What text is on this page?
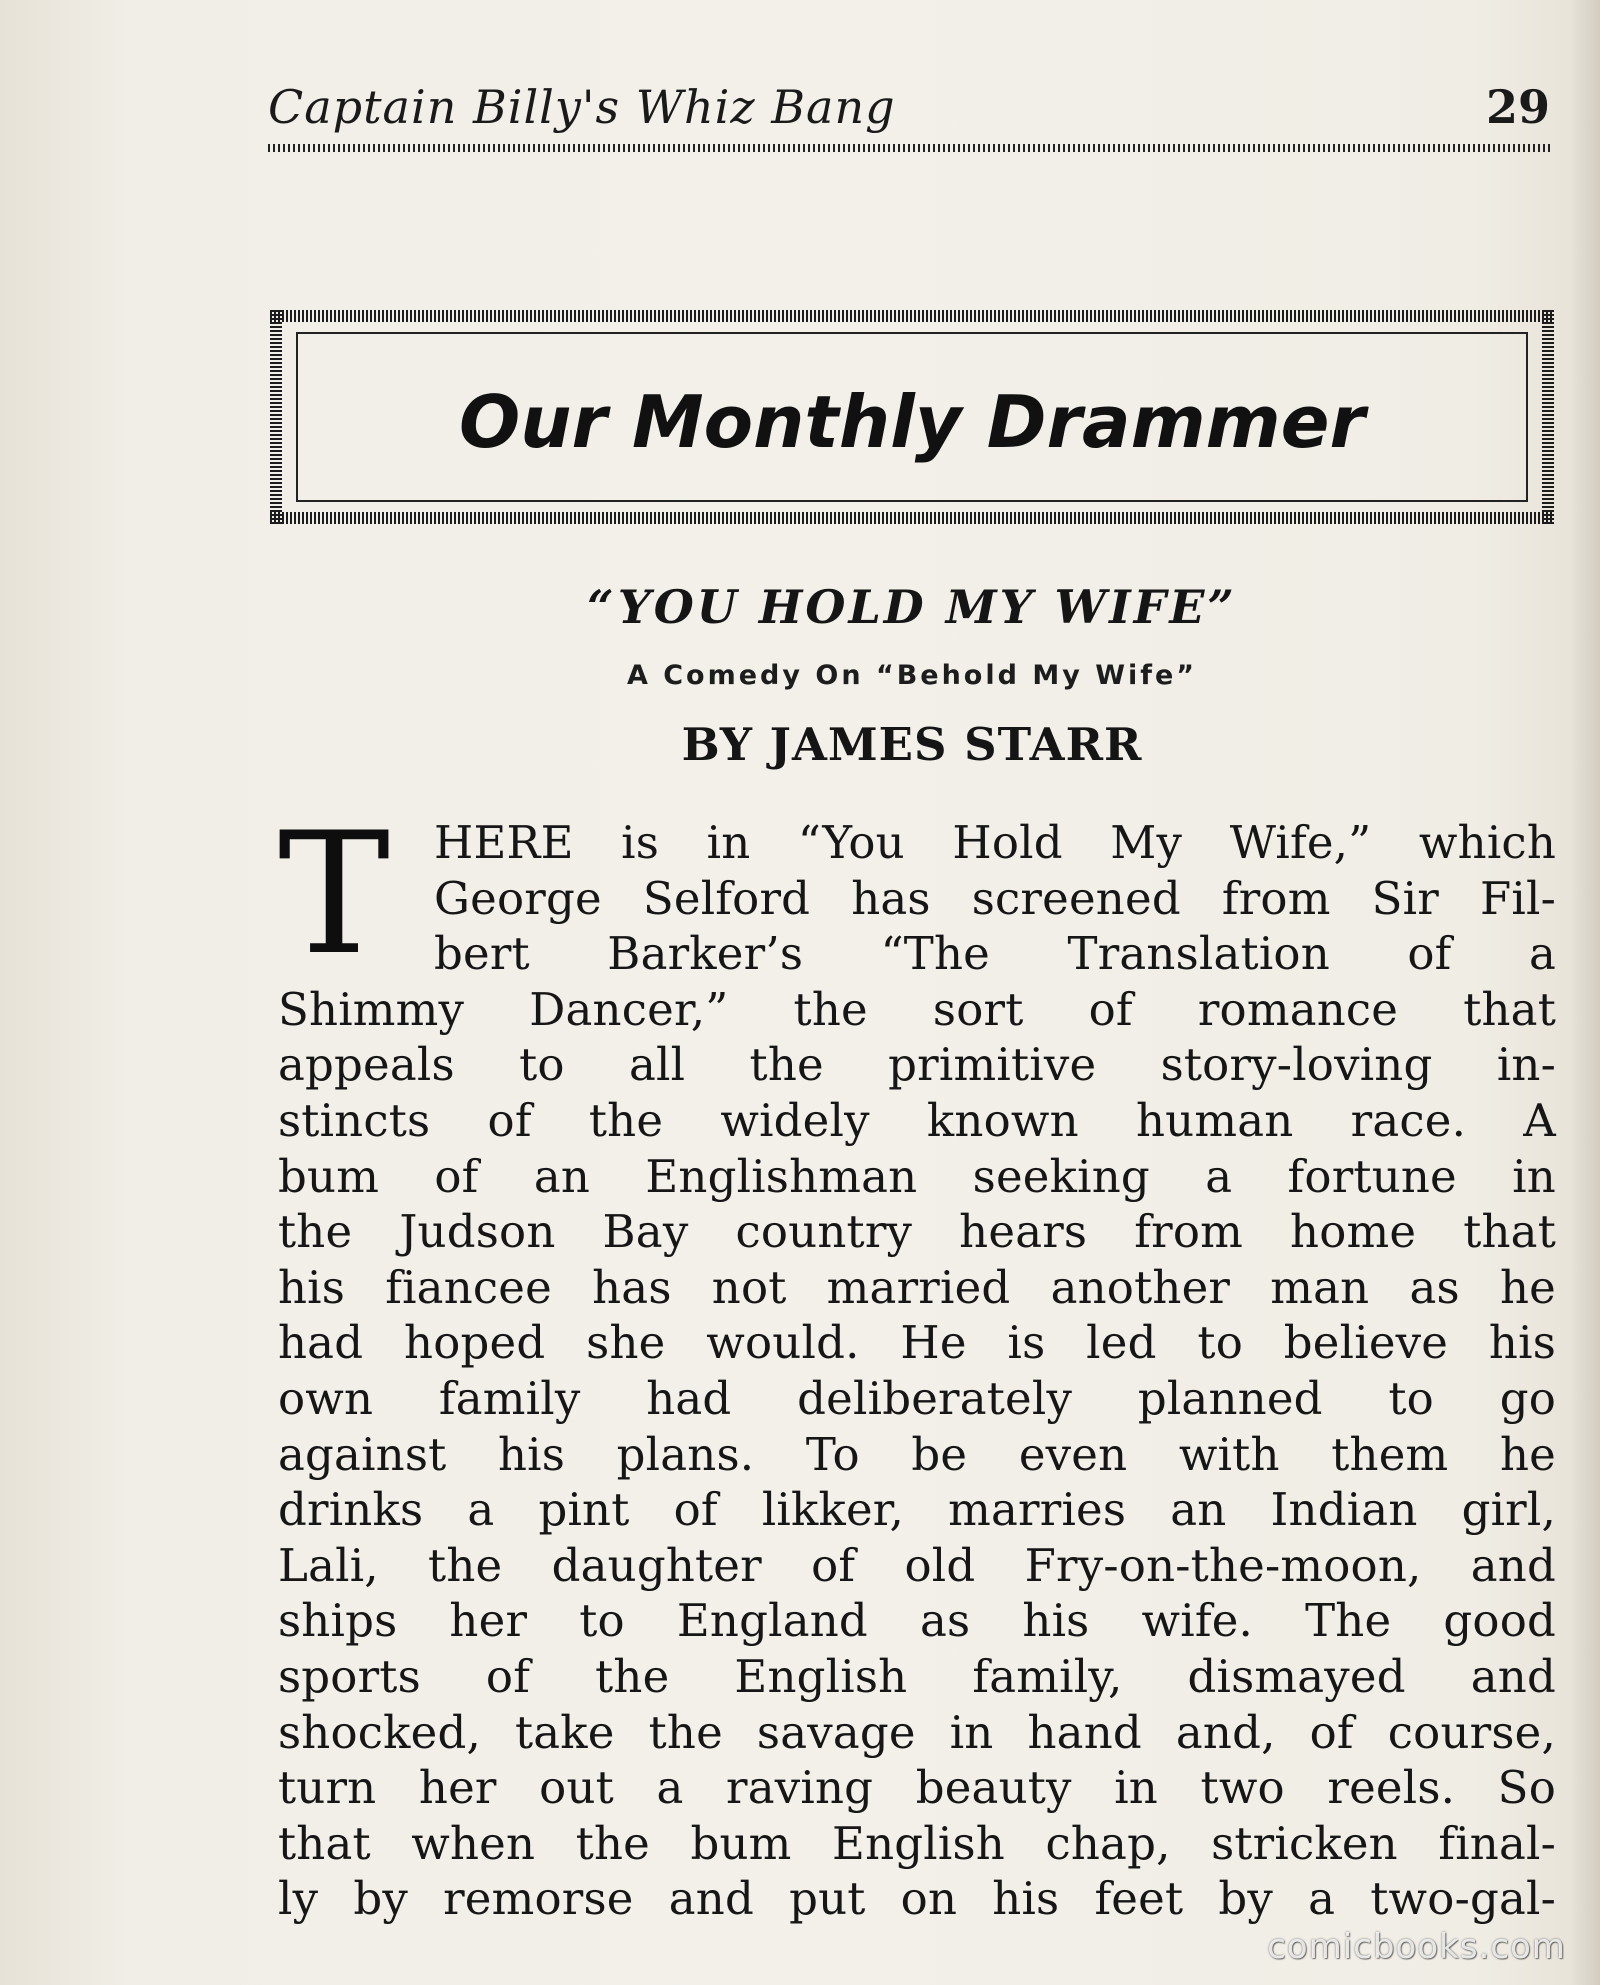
Captain Billy's Whiz Bang	29
Our Monthly Drammer
“YOU HOLD MY WIFE”
A Comedy On “Behold My Wife”
BY JAMES STARR
T HERE is in “You Hold My Wife,” which
George Selford has screened from Sir Fil-
bert Barker’s “The Translation of a
Shimmy Dancer,” the sort of romance that
appeals to all the primitive story-loving in-
stincts of the widely known human race. A
bum of an Englishman seeking a fortune in
the Judson Bay country hears from home that
his fiancee has not married another man as he
had hoped she would. He is led to believe his
own family had deliberately planned to go
against his plans. To be even with them he
drinks a pint of likker, marries an Indian girl,
Lali, the daughter of old Fry-on-the-moon, and
ships her to England as his wife. The good
sports of the English family, dismayed and
shocked, take the savage in hand and, of course,
turn her out a raving beauty in two reels. So
that when the bum English chap, stricken final-
ly by remorse and put on his feet by a two-gal-
comicbooks.com
